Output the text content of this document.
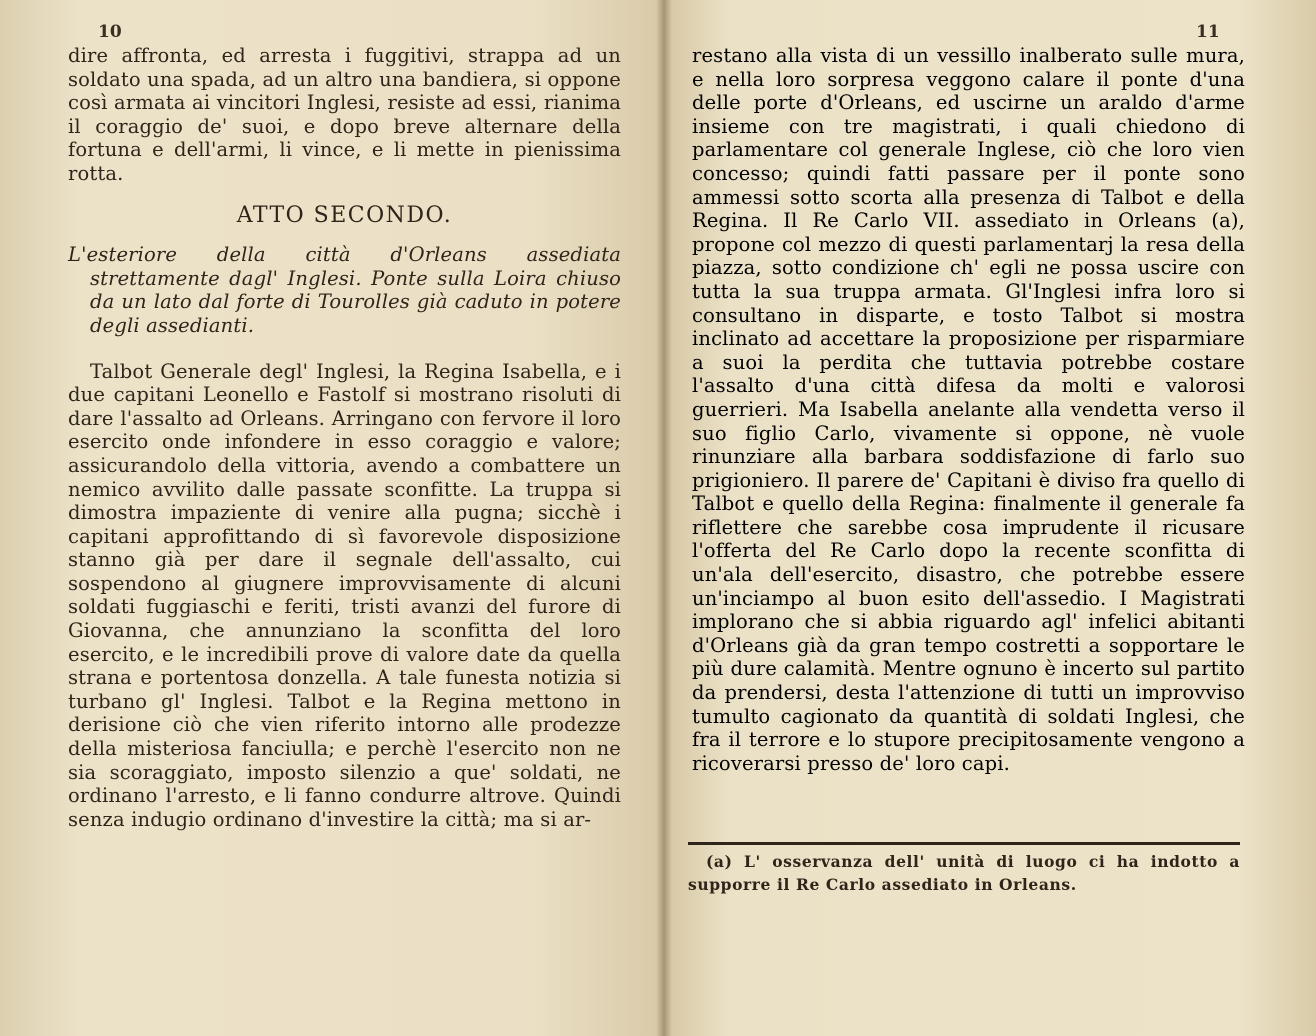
10

dire affronta, ed arresta i fuggitivi, strappa ad un soldato una spada, ad un altro una bandiera, si oppone così armata ai vincitori Inglesi, resiste ad essi, rianima il coraggio de' suoi, e dopo breve alternare della fortuna e dell'armi, li vince, e li mette in pienissima rotta.

ATTO SECONDO.

L'esteriore della città d'Orleans assediata strettamente dagl' Inglesi. Ponte sulla Loira chiuso da un lato dal forte di Tourolles già caduto in potere degli assedianti.

Talbot Generale degl' Inglesi, la Regina Isabella, e i due capitani Leonello e Fastolf si mostrano risoluti di dare l'assalto ad Orleans. Arringano con fervore il loro esercito onde infondere in esso coraggio e valore; assicurandolo della vittoria, avendo a combattere un nemico avvilito dalle passate sconfitte. La truppa si dimostra impaziente di venire alla pugna; sicchè i capitani approfittando di sì favorevole disposizione stanno già per dare il segnale dell'assalto, cui sospendono al giugnere improvvisamente di alcuni soldati fuggiaschi e feriti, tristi avanzi del furore di Giovanna, che annunziano la sconfitta del loro esercito, e le incredibili prove di valore date da quella strana e portentosa donzella. A tale funesta notizia si turbano gl' Inglesi. Talbot e la Regina mettono in derisione ciò che vien riferito intorno alle prodezze della misteriosa fanciulla; e perchè l'esercito non ne sia scoraggiato, imposto silenzio a que' soldati, ne ordinano l'arresto, e li fanno condurre altrove. Quindi senza indugio ordinano d'investire la città; ma si ar-

11

restano alla vista di un vessillo inalberato sulle mura, e nella loro sorpresa veggono calare il ponte d'una delle porte d'Orleans, ed uscirne un araldo d'arme insieme con tre magistrati, i quali chiedono di parlamentare col generale Inglese, ciò che loro vien concesso; quindi fatti passare per il ponte sono ammessi sotto scorta alla presenza di Talbot e della Regina. Il Re Carlo VII. assediato in Orleans (a), propone col mezzo di questi parlamentarj la resa della piazza, sotto condizione ch' egli ne possa uscire con tutta la sua truppa armata. Gl'Inglesi infra loro si consultano in disparte, e tosto Talbot si mostra inclinato ad accettare la proposizione per risparmiare a suoi la perdita che tuttavia potrebbe costare l'assalto d'una città difesa da molti e valorosi guerrieri. Ma Isabella anelante alla vendetta verso il suo figlio Carlo, vivamente si oppone, nè vuole rinunziare alla barbara soddisfazione di farlo suo prigioniero. Il parere de' Capitani è diviso fra quello di Talbot e quello della Regina: finalmente il generale fa riflettere che sarebbe cosa imprudente il ricusare l'offerta del Re Carlo dopo la recente sconfitta di un'ala dell'esercito, disastro, che potrebbe essere un'inciampo al buon esito dell'assedio. I Magistrati implorano che si abbia riguardo agl' infelici abitanti d'Orleans già da gran tempo costretti a sopportare le più dure calamità. Mentre ognuno è incerto sul partito da prendersi, desta l'attenzione di tutti un improvviso tumulto cagionato da quantità di soldati Inglesi, che fra il terrore e lo stupore precipitosamente vengono a ricoverarsi presso de' loro capi.

(a) L' osservanza dell' unità di luogo ci ha indotto a supporre il Re Carlo assediato in Orleans.
